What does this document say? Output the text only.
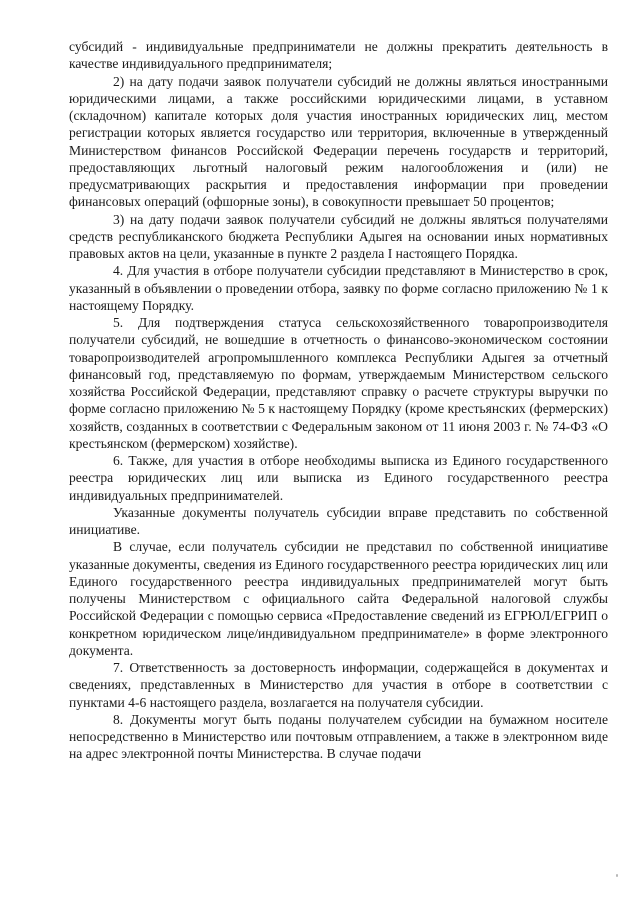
субсидий - индивидуальные предприниматели не должны прекратить деятельность в качестве индивидуального предпринимателя;

2) на дату подачи заявок получатели субсидий не должны являться иностранными юридическими лицами, а также российскими юридическими лицами, в уставном (складочном) капитале которых доля участия иностранных юридических лиц, местом регистрации которых является государство или территория, включенные в утвержденный Министерством финансов Российской Федерации перечень государств и территорий, предоставляющих льготный налоговый режим налогообложения и (или) не предусматривающих раскрытия и предоставления информации при проведении финансовых операций (офшорные зоны), в совокупности превышает 50 процентов;

3) на дату подачи заявок получатели субсидий не должны являться получателями средств республиканского бюджета Республики Адыгея на основании иных нормативных правовых актов на цели, указанные в пункте 2 раздела I настоящего Порядка.

4. Для участия в отборе получатели субсидии представляют в Министерство в срок, указанный в объявлении о проведении отбора, заявку по форме согласно приложению № 1 к настоящему Порядку.

5. Для подтверждения статуса сельскохозяйственного товаропроизводителя получатели субсидий, не вошедшие в отчетность о финансово-экономическом состоянии товаропроизводителей агропромышленного комплекса Республики Адыгея за отчетный финансовый год, представляемую по формам, утверждаемым Министерством сельского хозяйства Российской Федерации, представляют справку о расчете структуры выручки по форме согласно приложению № 5 к настоящему Порядку (кроме крестьянских (фермерских) хозяйств, созданных в соответствии с Федеральным законом от 11 июня 2003 г. № 74-ФЗ «О крестьянском (фермерском) хозяйстве).

6. Также, для участия в отборе необходимы выписка из Единого государственного реестра юридических лиц или выписка из Единого государственного реестра индивидуальных предпринимателей.

Указанные документы получатель субсидии вправе представить по собственной инициативе.

В случае, если получатель субсидии не представил по собственной инициативе указанные документы, сведения из Единого государственного реестра юридических лиц или Единого государственного реестра индивидуальных предпринимателей могут быть получены Министерством с официального сайта Федеральной налоговой службы Российской Федерации с помощью сервиса «Предоставление сведений из ЕГРЮЛ/ЕГРИП о конкретном юридическом лице/индивидуальном предпринимателе» в форме электронного документа.

7. Ответственность за достоверность информации, содержащейся в документах и сведениях, представленных в Министерство для участия в отборе в соответствии с пунктами 4-6 настоящего раздела, возлагается на получателя субсидии.

8. Документы могут быть поданы получателем субсидии на бумажном носителе непосредственно в Министерство или почтовым отправлением, а также в электронном виде на адрес электронной почты Министерства. В случае подачи
